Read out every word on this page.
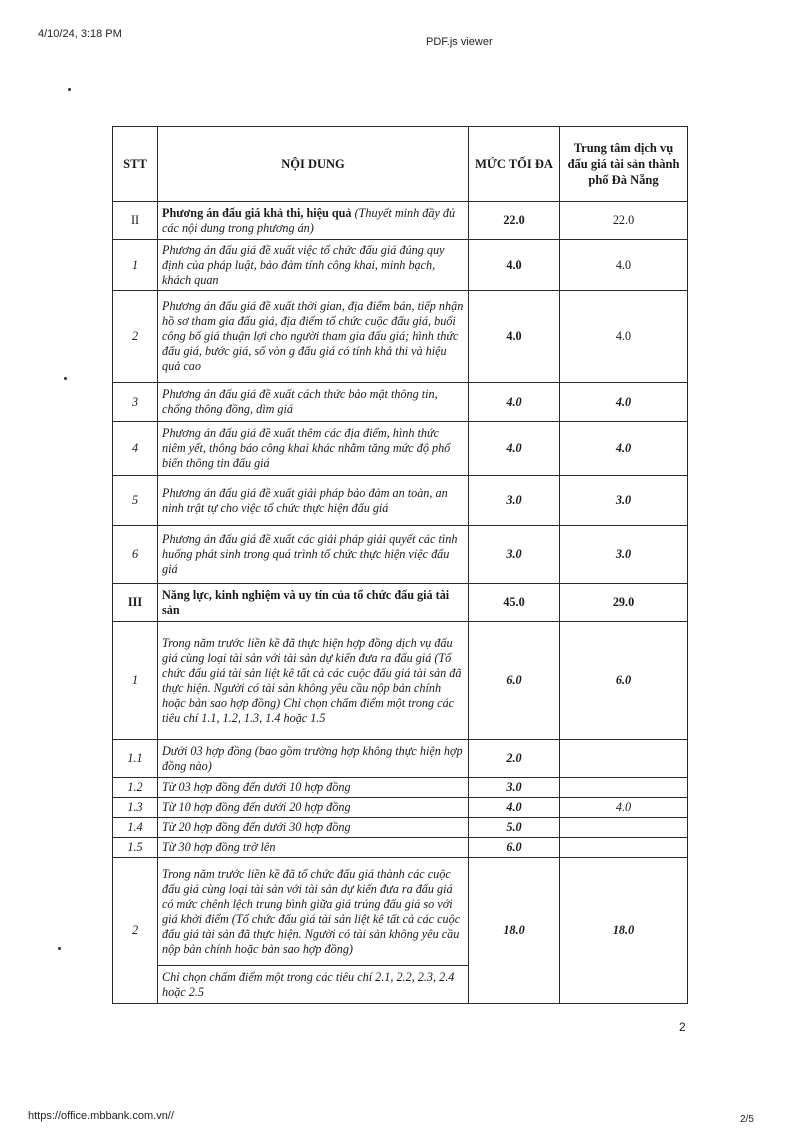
4/10/24, 3:18 PM
PDF.js viewer
STT	NỘI DUNG	MỨC TỐI ĐA	Trung tâm dịch vụ đấu giá tài sản thành phố Đà Nẵng
II	Phương án đấu giá khả thi, hiệu quả (Thuyết minh đầy đủ các nội dung trong phương án)	22.0	22.0
1	Phương án đấu giá đề xuất việc tổ chức đấu giá đúng quy định của pháp luật, bảo đảm tính công khai, minh bạch, khách quan	4.0	4.0
2	Phương án đấu giá đề xuất thời gian, địa điểm bán, tiếp nhận hồ sơ tham gia đấu giá, địa điểm tổ chức cuộc đấu giá, buổi công bố giá thuận lợi cho người tham gia đấu giá; hình thức đấu giá, bước giá, số vòn g đấu giá có tính khả thi và hiệu quả cao	4.0	4.0
3	Phương án đấu giá đề xuất cách thức bảo mật thông tin, chống thông đồng, dìm giá	4.0	4.0
4	Phương án đấu giá đề xuất thêm các địa điểm, hình thức niêm yết, thông báo công khai khác nhằm tăng mức độ phổ biến thông tin đấu giá	4.0	4.0
5	Phương án đấu giá đề xuất giải pháp bảo đảm an toàn, an ninh trật tự cho việc tổ chức thực hiện đấu giá	3.0	3.0
6	Phương án đấu giá đề xuất các giải pháp giải quyết các tình huống phát sinh trong quá trình tổ chức thực hiện việc đấu giá	3.0	3.0
III	Năng lực, kinh nghiệm và uy tín của tổ chức đấu giá tài sản	45.0	29.0
1	Trong năm trước liền kề đã thực hiện hợp đồng dịch vụ đấu giá cùng loại tài sản với tài sản dự kiến đưa ra đấu giá (Tổ chức đấu giá tài sản liệt kê tất cả các cuộc đấu giá tài sản đã thực hiện. Người có tài sản không yêu cầu nộp bản chính hoặc bản sao hợp đồng) Chỉ chọn chấm điểm một trong các tiêu chí 1.1, 1.2, 1.3, 1.4 hoặc 1.5	6.0	6.0
1.1	Dưới 03 hợp đồng (bao gồm trường hợp không thực hiện hợp đồng nào)	2.0	
1.2	Từ 03 hợp đồng đến dưới 10 hợp đồng	3.0	
1.3	Từ 10 hợp đồng đến dưới 20 hợp đồng	4.0	4.0
1.4	Từ 20 hợp đồng đến dưới 30 hợp đồng	5.0	
1.5	Từ 30 hợp đồng trở lên	6.0	
2	Trong năm trước liền kề đã tổ chức đấu giá thành các cuộc đấu giá cùng loại tài sản với tài sản dự kiến đưa ra đấu giá có mức chênh lệch trung bình giữa giá trúng đấu giá so với giá khởi điểm (Tổ chức đấu giá tài sản liệt kê tất cả các cuộc đấu giá tài sản đã thực hiện. Người có tài sản không yêu cầu nộp bản chính hoặc bản sao hợp đồng)	18.0	18.0
	Chỉ chọn chấm điểm một trong các tiêu chí 2.1, 2.2, 2.3, 2.4 hoặc 2.5		
2
https://office.mbbank.com.vn//	2/5
